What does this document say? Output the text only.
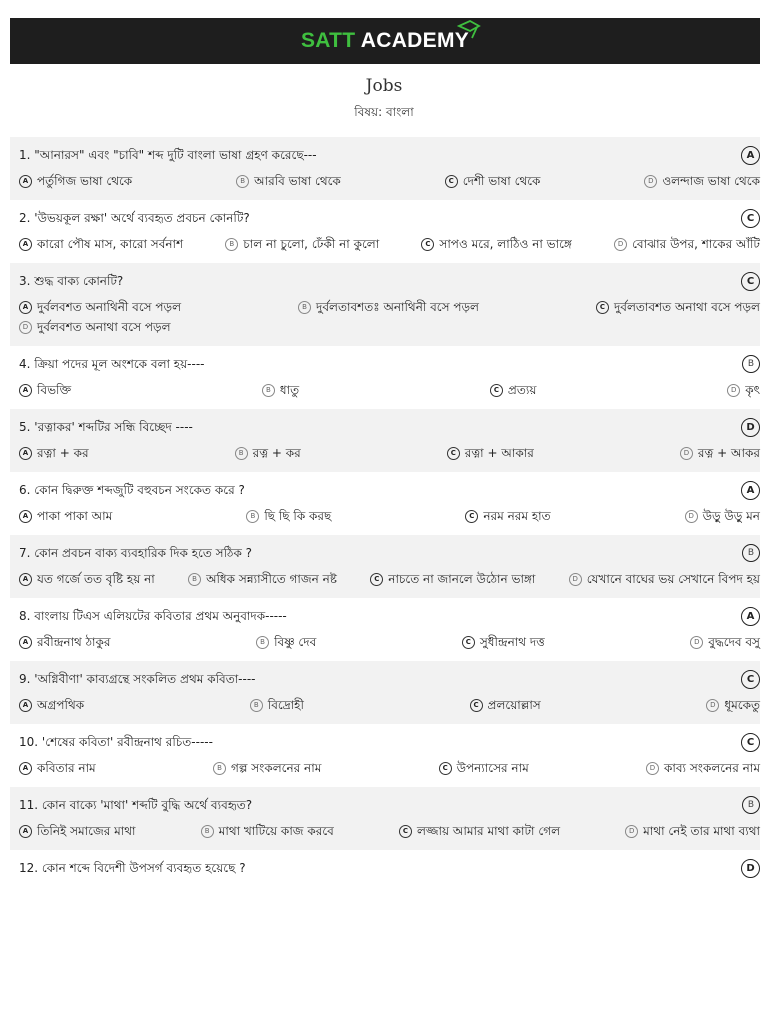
SATT ACADEMY
Jobs
বিষয়: বাংলা
1. "আনারস" এবং "চাবি" শব্দ দুটি বাংলা ভাষা গ্রহণ করেছে---	A
A পর্তুগিজ ভাষা থেকে	B আরবি ভাষা থেকে	C দেশী ভাষা থেকে	D ওলন্দাজ ভাষা থেকে
2. 'উভয়কূল রক্ষা' অর্থে ব্যবহৃত প্রবচন কোনটি?	C
A কারো পৌষ মাস, কারো সর্বনাশ	B চাল না চুলো, ঢেঁকী না কুলো	C সাপও মরে, লাঠিও না ভাঙ্গে	D বোঝার উপর, শাকের আঁটি
3. শুদ্ধ বাক্য কোনটি?	C
A দুর্বলবশত অনাথিনী বসে পড়ল	B দুর্বলতাবশতঃ অনাথিনী বসে পড়ল	C দুর্বলতাবশত অনাথা বসে পড়ল
D দুর্বলবশত অনাথা বসে পড়ল
4. ক্রিয়া পদের মূল অংশকে বলা হয়----	B
A বিভক্তি	B ধাতু	C প্রত্যয়	D কৃৎ
5. 'রত্নাকর' শব্দটির সন্ধি বিচ্ছেদ ----	D
A রত্না + কর	B রত্ন + কর	C রত্না + আকার	D রত্ন + আকর
6. কোন দ্বিরুক্ত শব্দজুটি বহুবচন সংকেত করে ?	A
A পাকা পাকা আম	B ছি ছি কি করছ	C নরম নরম হাত	D উড়ু উড়ু মন
7. কোন প্রবচন বাক্য ব্যবহারিক দিক হতে সঠিক ?	B
A যত গর্জে তত বৃষ্টি হয় না	B অধিক সন্ন্যাসীতে গাজন নষ্ট	C নাচতে না জানলে উঠোন ভাঙ্গা	D যেখানে বাঘের ভয় সেখানে বিপদ হয়
8. বাংলায় টিএস এলিয়টের কবিতার প্রথম অনুবাদক-----	A
A রবীন্দ্রনাথ ঠাকুর	B বিষ্ণু দেব	C সুধীন্দ্রনাথ দত্ত	D বুদ্ধদেব বসু
9. 'অগ্নিবীণা' কাব্যগ্রন্থে সংকলিত প্রথম কবিতা----	C
A অগ্রপথিক	B বিদ্রোহী	C প্রলয়োল্লাস	D ধূমকেতু
10. 'শেষের কবিতা' রবীন্দ্রনাথ রচিত-----	C
A কবিতার নাম	B গল্প সংকলনের নাম	C উপন্যাসের নাম	D কাব্য সংকলনের নাম
11. কোন বাক্যে 'মাথা' শব্দটি বুদ্ধি অর্থে ব্যবহৃত?	B
A তিনিই সমাজের মাথা	B মাথা খাটিয়ে কাজ করবে	C লজ্জায় আমার মাথা কাটা গেল	D মাথা নেই তার মাথা ব্যথা
12. কোন শব্দে বিদেশী উপসর্গ ব্যবহৃত হয়েছে ?	D
